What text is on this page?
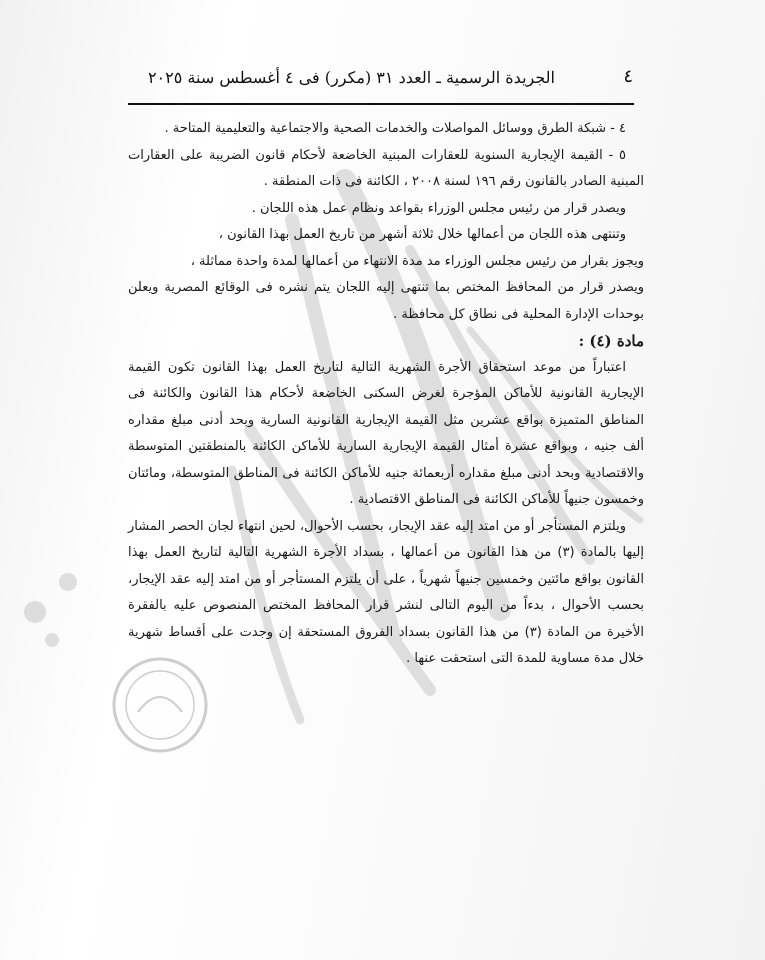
٤
الجريدة الرسمية ـ العدد ٣١ (مكرر) فى ٤ أغسطس سنة ٢٠٢٥

٤ - شبكة الطرق ووسائل المواصلات والخدمات الصحية والاجتماعية والتعليمية المتاحة .

٥ - القيمة الإيجارية السنوية للعقارات المبنية الخاضعة لأحكام قانون الضريبة على العقارات المبنية الصادر بالقانون رقم ١٩٦ لسنة ٢٠٠٨ ، الكائنة فى ذات المنطقة .

ويصدر قرار من رئيس مجلس الوزراء بقواعد ونظام عمل هذه اللجان .

وتنتهى هذه اللجان من أعمالها خلال ثلاثة أشهر من تاريخ العمل بهذا القانون ،

ويجوز بقرار من رئيس مجلس الوزراء مد مدة الانتهاء من أعمالها لمدة واحدة مماثلة ،

ويصدر قرار من المحافظ المختص بما تنتهى إليه اللجان يتم نشره فى الوقائع المصرية ويعلن بوحدات الإدارة المحلية فى نطاق كل محافظة .

مادة (٤) :

اعتباراً من موعد استحقاق الأجرة الشهرية التالية لتاريخ العمل بهذا القانون تكون القيمة الإيجارية القانونية للأماكن المؤجرة لغرض السكنى الخاضعة لأحكام هذا القانون والكائنة فى المناطق المتميزة بواقع عشرين مثل القيمة الإيجارية القانونية السارية وبحد أدنى مبلغ مقداره ألف جنيه ، وبواقع عشرة أمثال القيمة الإيجارية السارية للأماكن الكائنة بالمنطقتين المتوسطة والاقتصادية وبحد أدنى مبلغ مقداره أربعمائة جنيه للأماكن الكائنة فى المناطق المتوسطة، ومائتان وخمسون جنيهاً للأماكن الكائنة فى المناطق الاقتصادية .

ويلتزم المستأجر أو من امتد إليه عقد الإيجار، بحسب الأحوال، لحين انتهاء لجان الحصر المشار إليها بالمادة (٣) من هذا القانون من أعمالها ، بسداد الأجرة الشهرية التالية لتاريخ العمل بهذا القانون بواقع مائتين وخمسين جنيهاً شهرياً ، على أن يلتزم المستأجر أو من امتد إليه عقد الإيجار، بحسب الأحوال ، بدءاً من اليوم التالى لنشر قرار المحافظ المختص المنصوص عليه بالفقرة الأخيرة من المادة (٣) من هذا القانون بسداد الفروق المستحقة إن وجدت على أقساط شهرية خلال مدة مساوية للمدة التى استحقت عنها .
